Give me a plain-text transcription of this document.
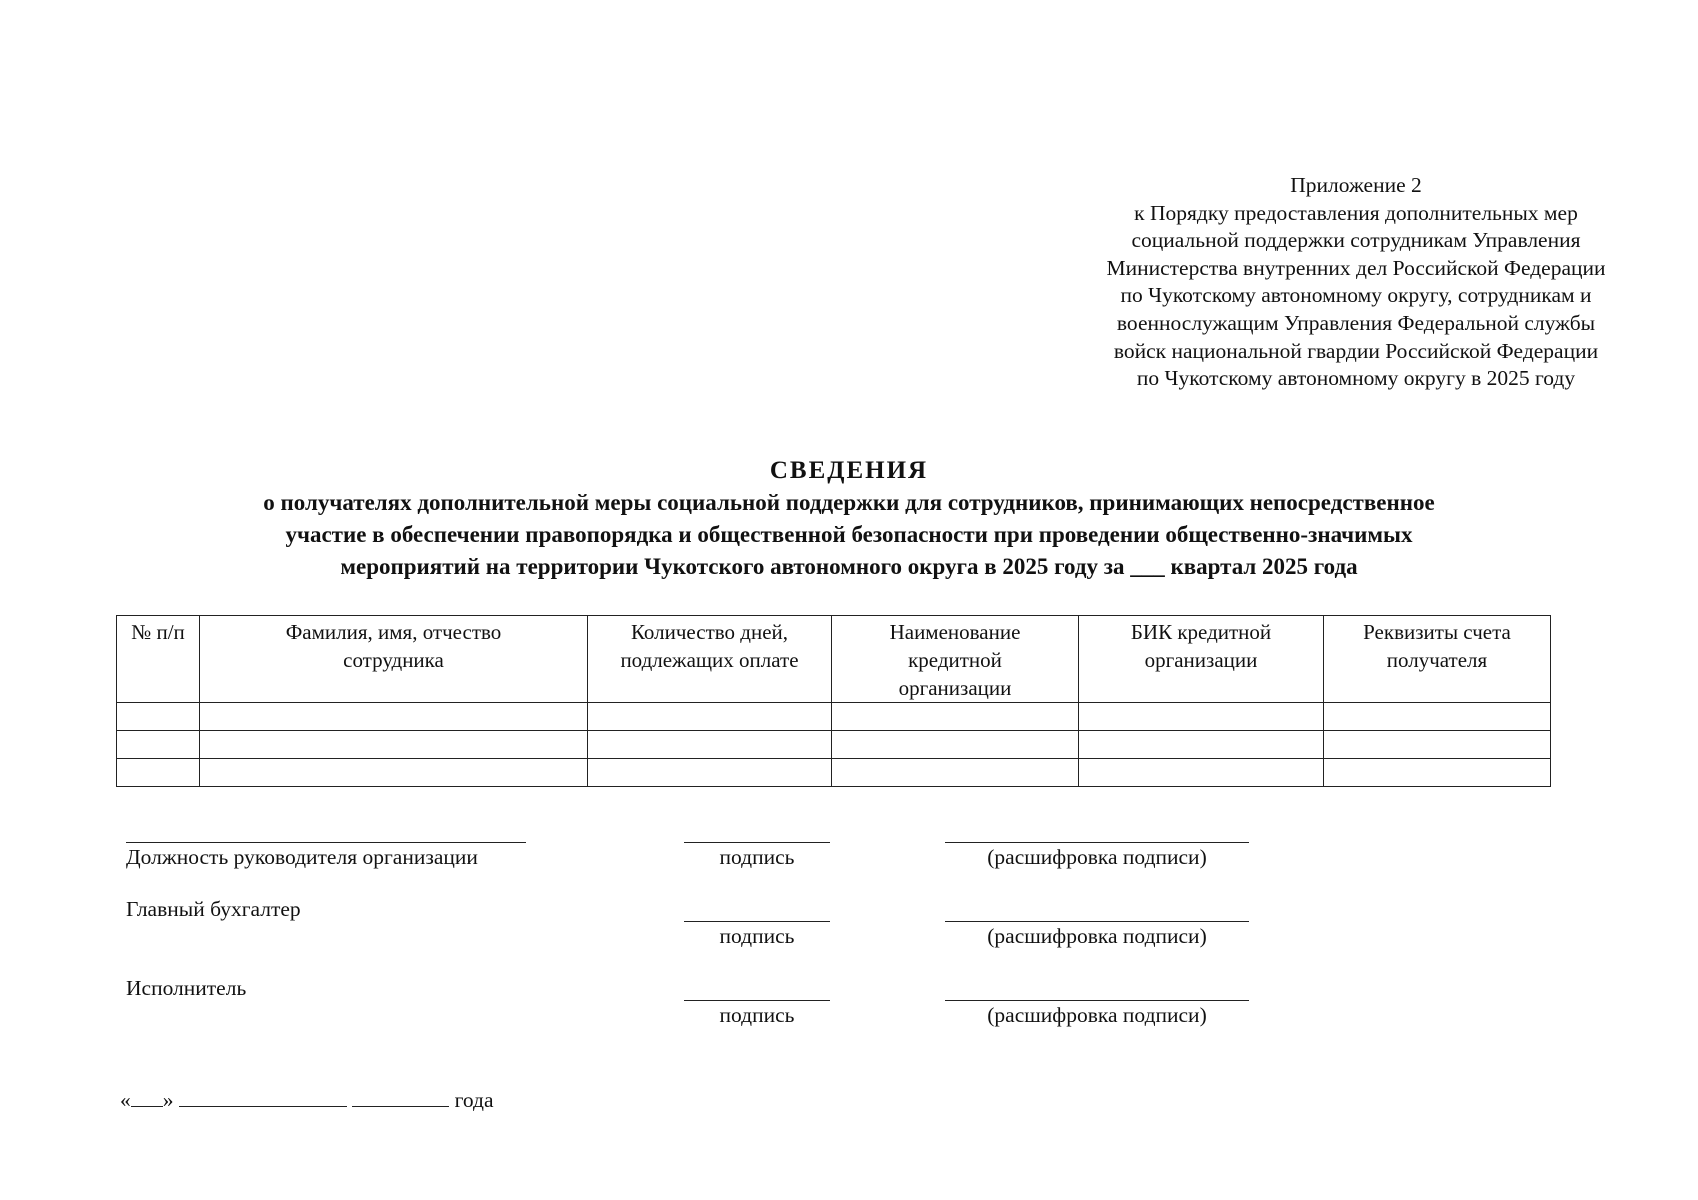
Приложение 2
к Порядку предоставления дополнительных мер
социальной поддержки сотрудникам Управления
Министерства внутренних дел Российской Федерации
по Чукотскому автономному округу, сотрудникам и
военнослужащим Управления Федеральной службы
войск национальной гвардии Российской Федерации
по Чукотскому автономному округу в 2025 году
СВЕДЕНИЯ
о получателях дополнительной меры социальной поддержки для сотрудников, принимающих непосредственное
участие в обеспечении правопорядка и общественной безопасности при проведении общественно-значимых
мероприятий на территории Чукотского автономного округа в 2025 году за ___ квартал 2025 года
№ п/п	Фамилия, имя, отчество сотрудника	Количество дней, подлежащих оплате	Наименование кредитной организации	БИК кредитной организации	Реквизиты счета получателя

Должность руководителя организации	подпись	(расшифровка подписи)
Главный бухгалтер
подпись	(расшифровка подписи)
Исполнитель
подпись	(расшифровка подписи)
« »	года
